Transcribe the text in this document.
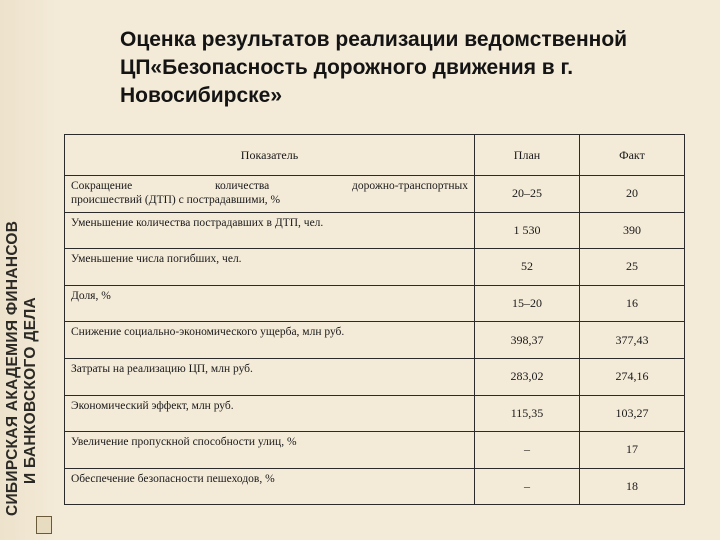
СИБИРСКАЯ АКАДЕМИЯ ФИНАНСОВ И БАНКОВСКОГО ДЕЛА
Оценка результатов реализации ведомственной ЦП«Безопасность дорожного движения в г. Новосибирске»
Показатель	План	Факт

Сокращение количества дорожно-транспортных
происшествий (ДТП) с пострадавшими, %	20–25	20
Уменьшение количества пострадавших в ДТП, чел.	1 530	390
Уменьшение числа погибших, чел.	52	25
Доля, %	15–20	16
Снижение социально-экономического ущерба, млн руб.	398,37	377,43
Затраты на реализацию ЦП, млн руб.	283,02	274,16
Экономический эффект, млн руб.	115,35	103,27
Увеличение пропускной способности улиц, %	–	17
Обеспечение безопасности пешеходов, %	–	18
